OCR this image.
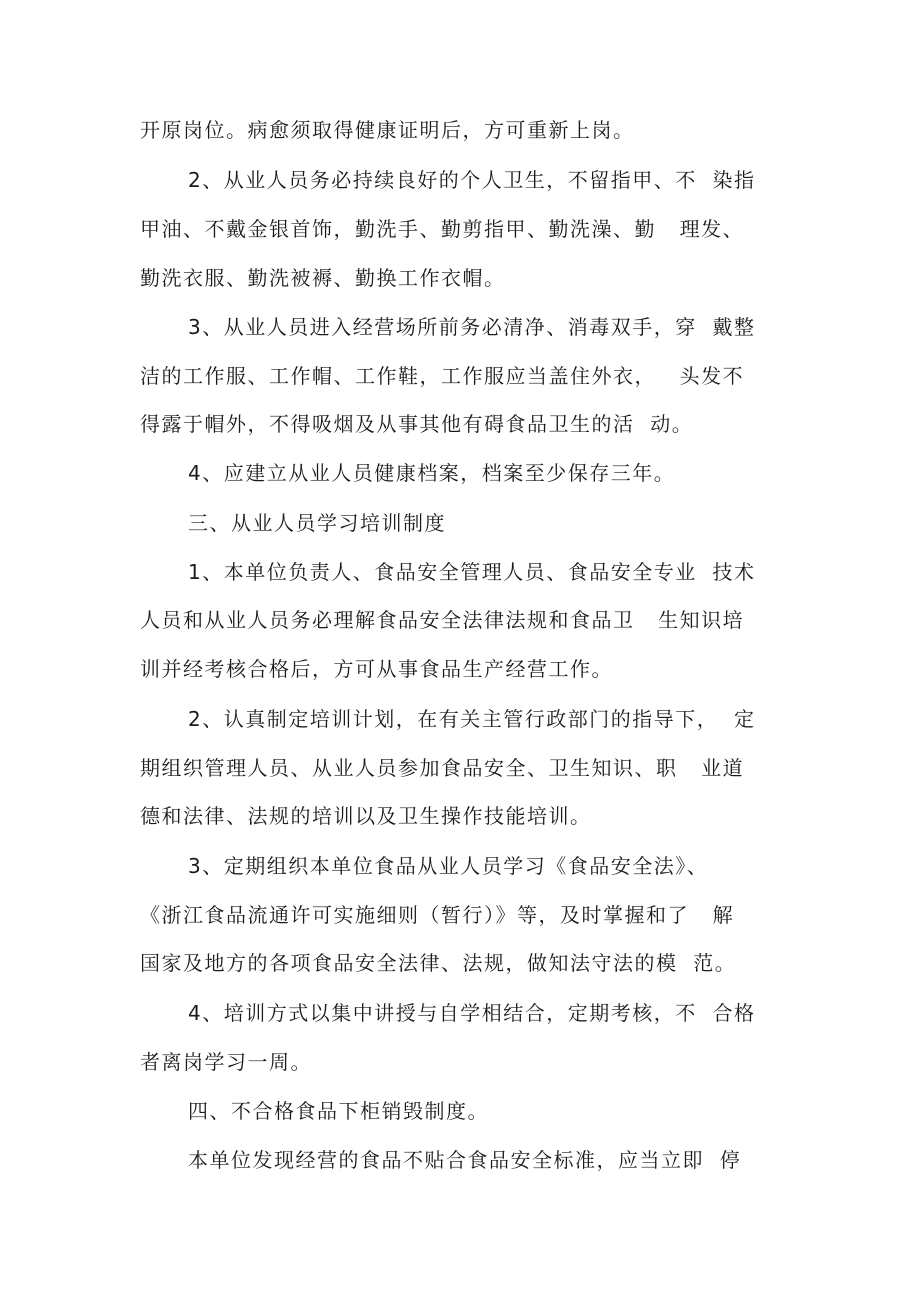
开原岗位。病愈须取得健康证明后，方可重新上岗。
2、从业人员务必持续良好的个人卫生，不留指甲、不  染指
甲油、不戴金银首饰，勤洗手、勤剪指甲、勤洗澡、勤   理发、
勤洗衣服、勤洗被褥、勤换工作衣帽。
3、从业人员进入经营场所前务必清净、消毒双手，穿  戴整
洁的工作服、工作帽、工作鞋，工作服应当盖住外衣，   头发不
得露于帽外，不得吸烟及从事其他有碍食品卫生的活  动。
4、应建立从业人员健康档案，档案至少保存三年。
三、从业人员学习培训制度
1、本单位负责人、食品安全管理人员、食品安全专业  技术
人员和从业人员务必理解食品安全法律法规和食品卫   生知识培
训并经考核合格后，方可从事食品生产经营工作。
2、认真制定培训计划，在有关主管行政部门的指导下，  定
期组织管理人员、从业人员参加食品安全、卫生知识、职   业道
德和法律、法规的培训以及卫生操作技能培训。
3、定期组织本单位食品从业人员学习《食品安全法》、
《浙江食品流通许可实施细则（暂行）》等，及时掌握和了   解
国家及地方的各项食品安全法律、法规，做知法守法的模  范。
4、培训方式以集中讲授与自学相结合，定期考核，不  合格
者离岗学习一周。
四、不合格食品下柜销毁制度。
本单位发现经营的食品不贴合食品安全标准，应当立即  停
